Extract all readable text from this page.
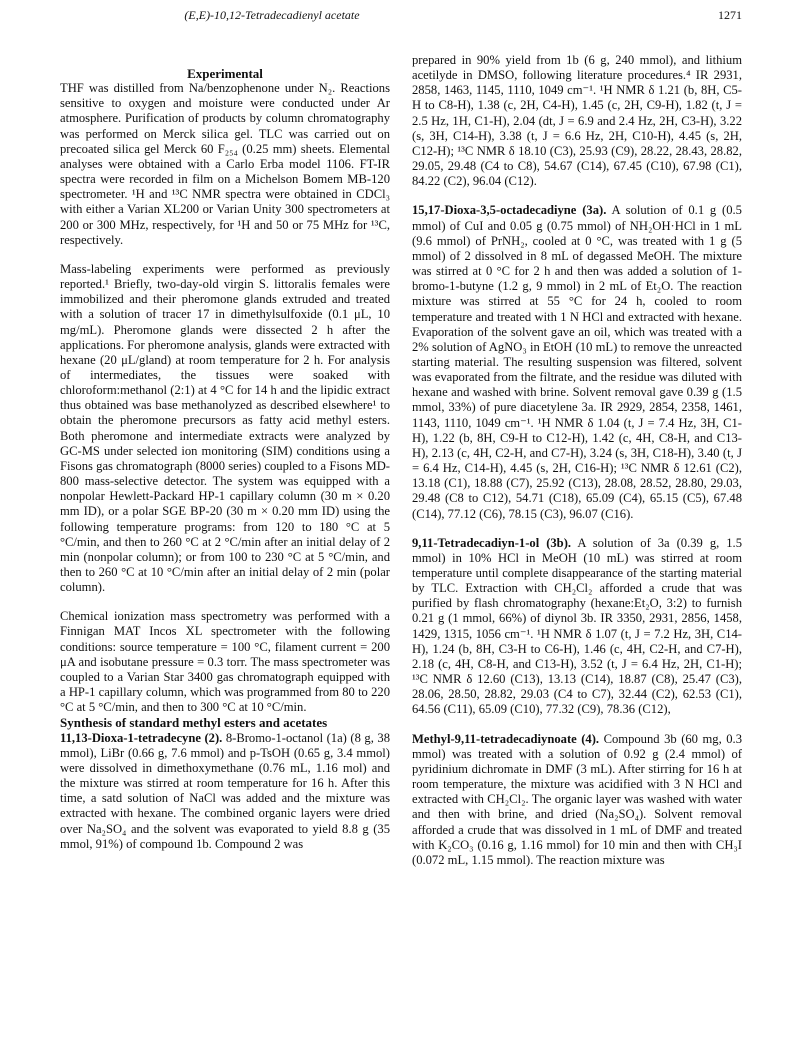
(E,E)-10,12-Tetradecadienyl acetate	1271

Experimental

THF was distilled from Na/benzophenone under N₂. Reactions sensitive to oxygen and moisture were conducted under Ar atmosphere. Purification of products by column chromatography was performed on Merck silica gel. TLC was carried out on precoated silica gel Merck 60 F₂₅₄ (0.25 mm) sheets. Elemental analyses were obtained with a Carlo Erba model 1106. FT-IR spectra were recorded in film on a Michelson Bomem MB-120 spectrometer. ¹H and ¹³C NMR spectra were obtained in CDCl₃ with either a Varian XL200 or Varian Unity 300 spectrometers at 200 or 300 MHz, respectively, for ¹H and 50 or 75 MHz for ¹³C, respectively.

Mass-labeling experiments were performed as previously reported.¹ Briefly, two-day-old virgin S. littoralis females were immobilized and their pheromone glands extruded and treated with a solution of tracer 17 in dimethylsulfoxide (0.1 μL, 10 mg/mL). Pheromone glands were dissected 2 h after the applications. For pheromone analysis, glands were extracted with hexane (20 μL/gland) at room temperature for 2 h. For analysis of intermediates, the tissues were soaked with chloroform:methanol (2:1) at 4 °C for 14 h and the lipidic extract thus obtained was base methanolyzed as described elsewhere¹ to obtain the pheromone precursors as fatty acid methyl esters. Both pheromone and intermediate extracts were analyzed by GC-MS under selected ion monitoring (SIM) conditions using a Fisons gas chromatograph (8000 series) coupled to a Fisons MD-800 mass-selective detector. The system was equipped with a nonpolar Hewlett-Packard HP-1 capillary column (30 m × 0.20 mm ID), or a polar SGE BP-20 (30 m × 0.20 mm ID) using the following temperature programs: from 120 to 180 °C at 5 °C/min, and then to 260 °C at 2 °C/min after an initial delay of 2 min (nonpolar column); or from 100 to 230 °C at 5 °C/min, and then to 260 °C at 10 °C/min after an initial delay of 2 min (polar column).

Chemical ionization mass spectrometry was performed with a Finnigan MAT Incos XL spectrometer with the following conditions: source temperature = 100 °C, filament current = 200 μA and isobutane pressure = 0.3 torr. The mass spectrometer was coupled to a Varian Star 3400 gas chromatograph equipped with a HP-1 capillary column, which was programmed from 80 to 220 °C at 5 °C/min, and then to 300 °C at 10 °C/min.

Synthesis of standard methyl esters and acetates

11,13-Dioxa-1-tetradecyne (2). 8-Bromo-1-octanol (1a) (8 g, 38 mmol), LiBr (0.66 g, 7.6 mmol) and p-TsOH (0.65 g, 3.4 mmol) were dissolved in dimethoxymethane (0.76 mL, 1.16 mol) and the mixture was stirred at room temperature for 16 h. After this time, a satd solution of NaCl was added and the mixture was extracted with hexane. The combined organic layers were dried over Na₂SO₄ and the solvent was evaporated to yield 8.8 g (35 mmol, 91%) of compound 1b. Compound 2 was

prepared in 90% yield from 1b (6 g, 240 mmol), and lithium acetilyde in DMSO, following literature procedures.⁴ IR 2931, 2858, 1463, 1145, 1110, 1049 cm⁻¹. ¹H NMR δ 1.21 (b, 8H, C5-H to C8-H), 1.38 (c, 2H, C4-H), 1.45 (c, 2H, C9-H), 1.82 (t, J = 2.5 Hz, 1H, C1-H), 2.04 (dt, J = 6.9 and 2.4 Hz, 2H, C3-H), 3.22 (s, 3H, C14-H), 3.38 (t, J = 6.6 Hz, 2H, C10-H), 4.45 (s, 2H, C12-H); ¹³C NMR δ 18.10 (C3), 25.93 (C9), 28.22, 28.43, 28.82, 29.05, 29.48 (C4 to C8), 54.67 (C14), 67.45 (C10), 67.98 (C1), 84.22 (C2), 96.04 (C12).

15,17-Dioxa-3,5-octadecadiyne (3a). A solution of 0.1 g (0.5 mmol) of CuI and 0.05 g (0.75 mmol) of NH₂OH·HCl in 1 mL (9.6 mmol) of PrNH₂, cooled at 0 °C, was treated with 1 g (5 mmol) of 2 dissolved in 8 mL of degassed MeOH. The mixture was stirred at 0 °C for 2 h and then was added a solution of 1-bromo-1-butyne (1.2 g, 9 mmol) in 2 mL of Et₂O. The reaction mixture was stirred at 55 °C for 24 h, cooled to room temperature and treated with 1 N HCl and extracted with hexane. Evaporation of the solvent gave an oil, which was treated with a 2% solution of AgNO₃ in EtOH (10 mL) to remove the unreacted starting material. The resulting suspension was filtered, solvent was evaporated from the filtrate, and the residue was diluted with hexane and washed with brine. Solvent removal gave 0.39 g (1.5 mmol, 33%) of pure diacetylene 3a. IR 2929, 2854, 2358, 1461, 1143, 1110, 1049 cm⁻¹. ¹H NMR δ 1.04 (t, J = 7.4 Hz, 3H, C1-H), 1.22 (b, 8H, C9-H to C12-H), 1.42 (c, 4H, C8-H, and C13-H), 2.13 (c, 4H, C2-H, and C7-H), 3.24 (s, 3H, C18-H), 3.40 (t, J = 6.4 Hz, C14-H), 4.45 (s, 2H, C16-H); ¹³C NMR δ 12.61 (C2), 13.18 (C1), 18.88 (C7), 25.92 (C13), 28.08, 28.52, 28.80, 29.03, 29.48 (C8 to C12), 54.71 (C18), 65.09 (C4), 65.15 (C5), 67.48 (C14), 77.12 (C6), 78.15 (C3), 96.07 (C16).

9,11-Tetradecadiyn-1-ol (3b). A solution of 3a (0.39 g, 1.5 mmol) in 10% HCl in MeOH (10 mL) was stirred at room temperature until complete disappearance of the starting material by TLC. Extraction with CH₂Cl₂ afforded a crude that was purified by flash chromatography (hexane:Et₂O, 3:2) to furnish 0.21 g (1 mmol, 66%) of diynol 3b. IR 3350, 2931, 2856, 1458, 1429, 1315, 1056 cm⁻¹. ¹H NMR δ 1.07 (t, J = 7.2 Hz, 3H, C14-H), 1.24 (b, 8H, C3-H to C6-H), 1.46 (c, 4H, C2-H, and C7-H), 2.18 (c, 4H, C8-H, and C13-H), 3.52 (t, J = 6.4 Hz, 2H, C1-H); ¹³C NMR δ 12.60 (C13), 13.13 (C14), 18.87 (C8), 25.47 (C3), 28.06, 28.50, 28.82, 29.03 (C4 to C7), 32.44 (C2), 62.53 (C1), 64.56 (C11), 65.09 (C10), 77.32 (C9), 78.36 (C12),

Methyl-9,11-tetradecadiynoate (4). Compound 3b (60 mg, 0.3 mmol) was treated with a solution of 0.92 g (2.4 mmol) of pyridinium dichromate in DMF (3 mL). After stirring for 16 h at room temperature, the mixture was acidified with 3 N HCl and extracted with CH₂Cl₂. The organic layer was washed with water and then with brine, and dried (Na₂SO₄). Solvent removal afforded a crude that was dissolved in 1 mL of DMF and treated with K₂CO₃ (0.16 g, 1.16 mmol) for 10 min and then with CH₃I (0.072 mL, 1.15 mmol). The reaction mixture was
